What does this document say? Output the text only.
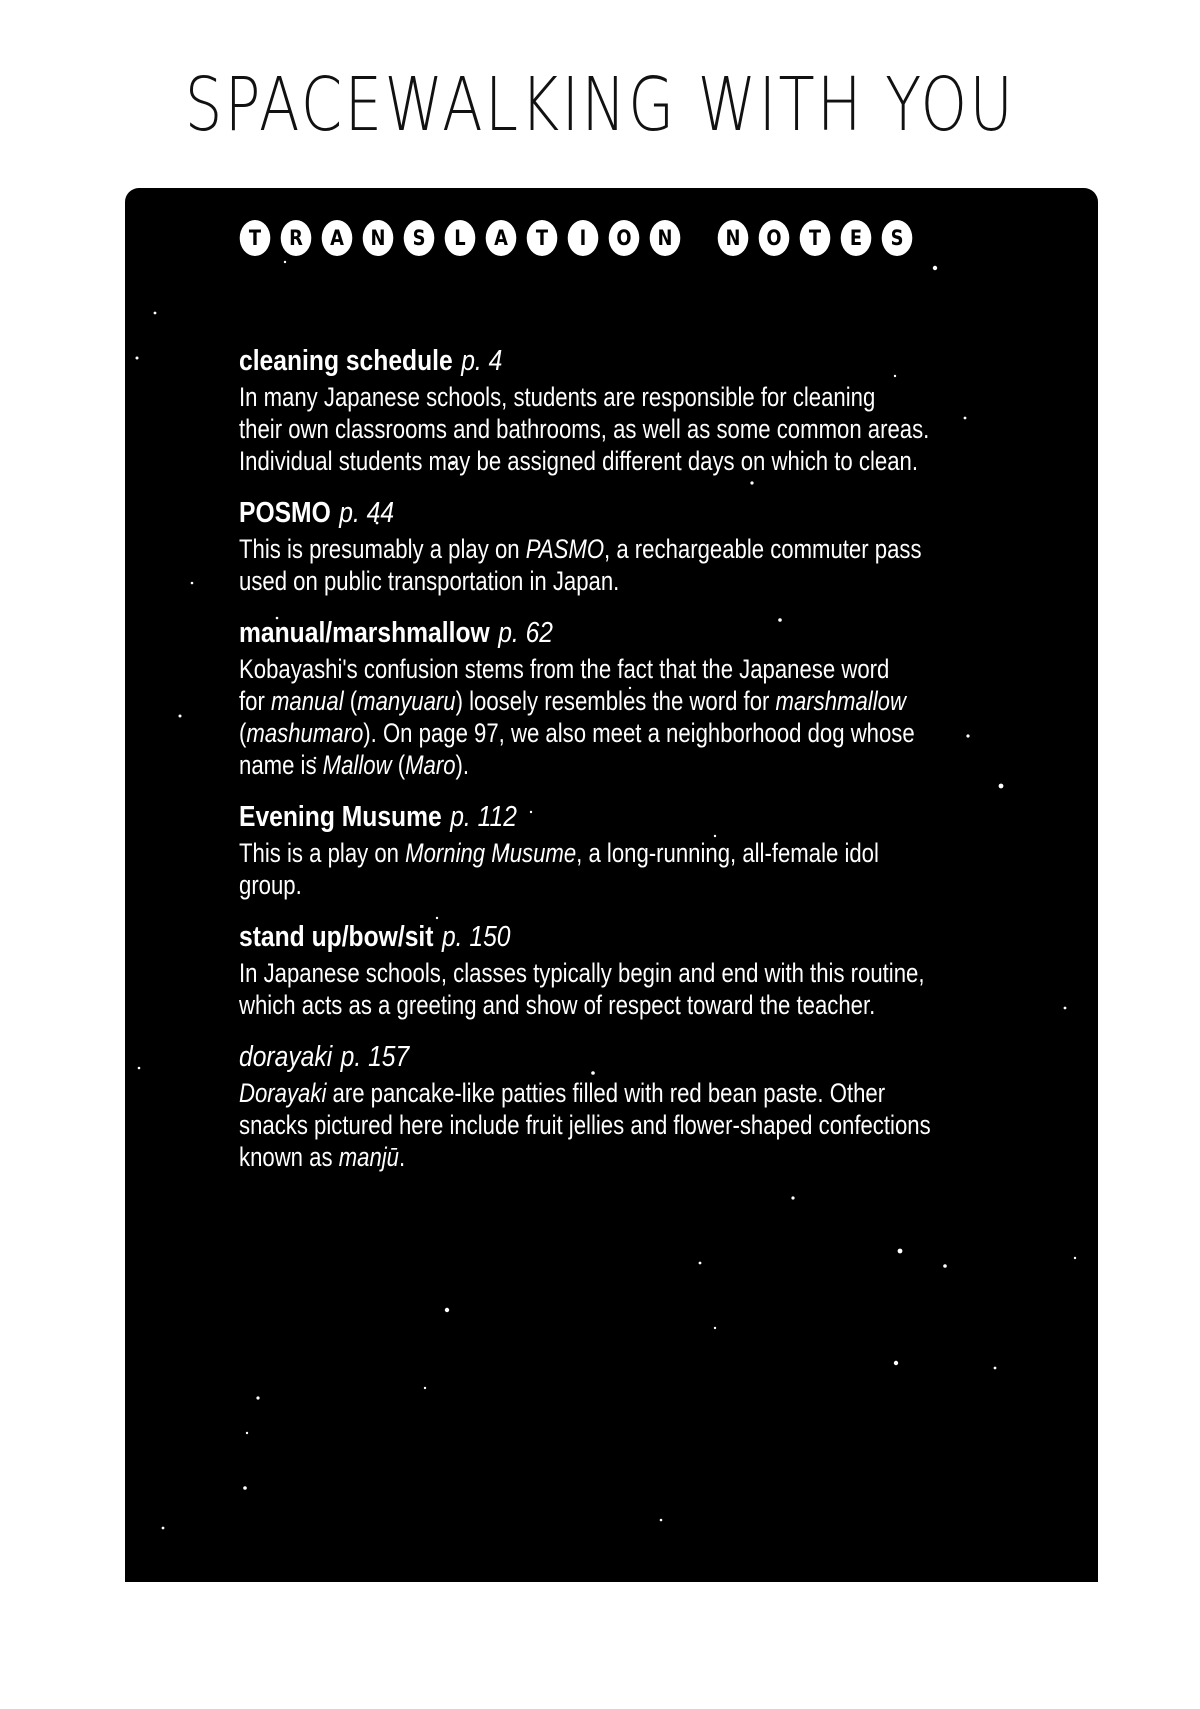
SPACEWALKING WITH YOU
T	R	A	N	S	L	A	T	I	O	N	N	O	T	E	S
cleaning schedule p. 4
In many Japanese schools, students are responsible for cleaning
their own classrooms and bathrooms, as well as some common areas.
Individual students may be assigned different days on which to clean.
POSMO p. 44
This is presumably a play on PASMO, a rechargeable commuter pass
used on public transportation in Japan.
manual/marshmallow p. 62
Kobayashi's confusion stems from the fact that the Japanese word
for manual (manyuaru) loosely resembles the word for marshmallow
(mashumaro). On page 97, we also meet a neighborhood dog whose
name is Mallow (Maro).
Evening Musume p. 112
This is a play on Morning Musume, a long-running, all-female idol
group.
stand up/bow/sit p. 150
In Japanese schools, classes typically begin and end with this routine,
which acts as a greeting and show of respect toward the teacher.
dorayaki p. 157
Dorayaki are pancake-like patties filled with red bean paste. Other
snacks pictured here include fruit jellies and flower-shaped confections
known as manjū.
